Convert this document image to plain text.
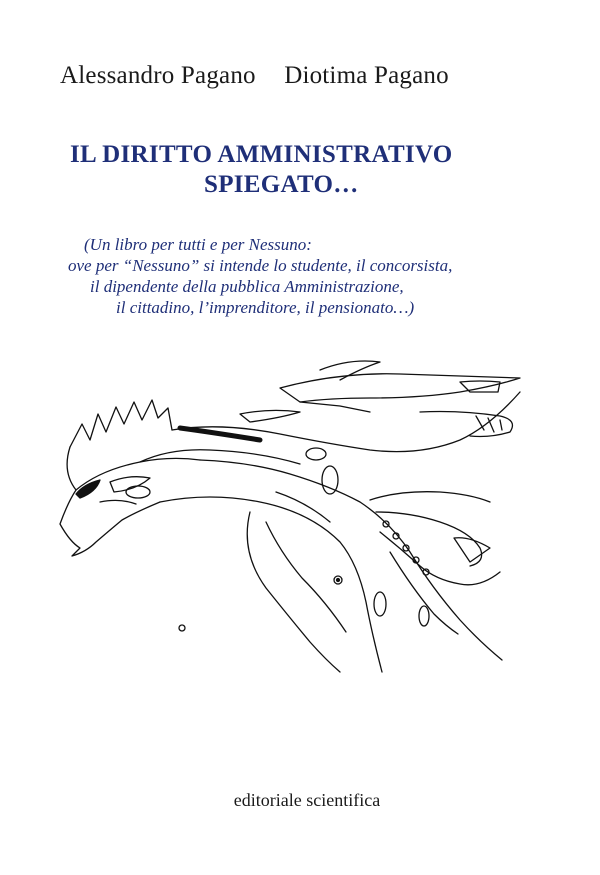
Alessandro Pagano Diotima Pagano
IL DIRITTO AMMINISTRATIVO
SPIEGATO…
(Un libro per tutti e per Nessuno:
ove per “Nessuno” si intende lo studente, il concorsista,
il dipendente della pubblica Amministrazione,
il cittadino, l’imprenditore, il pensionato…)
editoriale scientifica
